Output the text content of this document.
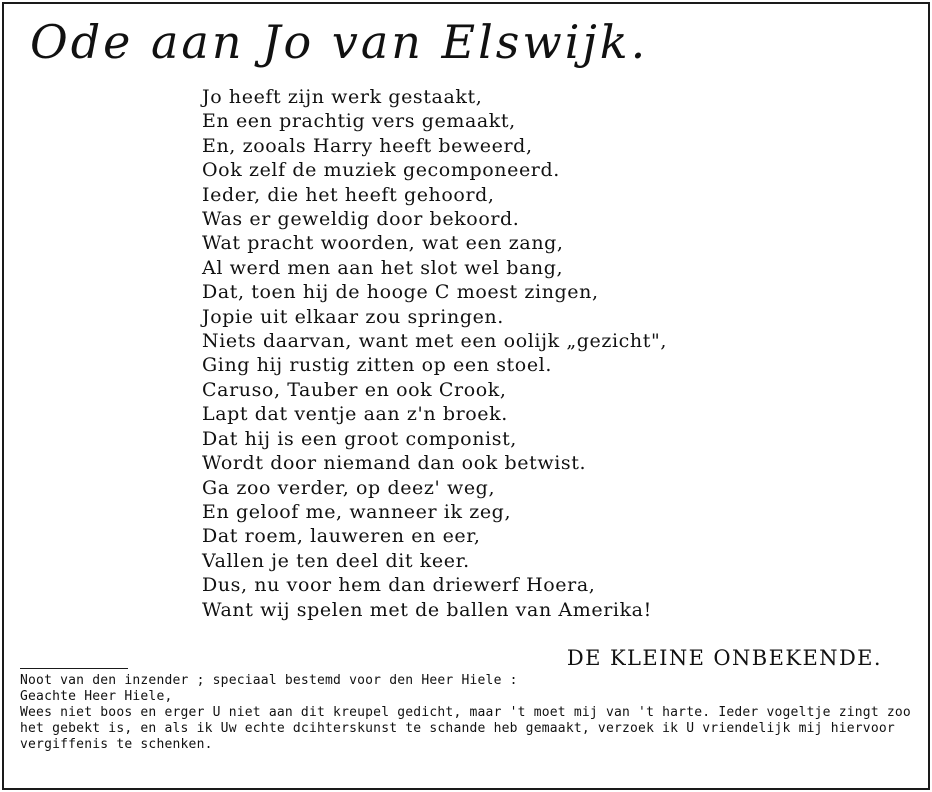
Ode aan Jo van Elswijk.
Jo heeft zijn werk gestaakt,
En een prachtig vers gemaakt,
En, zooals Harry heeft beweerd,
Ook zelf de muziek gecomponeerd.
Ieder, die het heeft gehoord,
Was er geweldig door bekoord.
Wat pracht woorden, wat een zang,
Al werd men aan het slot wel bang,
Dat, toen hij de hooge C moest zingen,
Jopie uit elkaar zou springen.
Niets daarvan, want met een oolijk „gezicht",
Ging hij rustig zitten op een stoel.
Caruso, Tauber en ook Crook,
Lapt dat ventje aan z'n broek.
Dat hij is een groot componist,
Wordt door niemand dan ook betwist.
Ga zoo verder, op deez' weg,
En geloof me, wanneer ik zeg,
Dat roem, lauweren en eer,
Vallen je ten deel dit keer.
Dus, nu voor hem dan driewerf Hoera,
Want wij spelen met de ballen van Amerika!
DE KLEINE ONBEKENDE.
Noot van den inzender ; speciaal bestemd voor den Heer Hiele :
Geachte Heer Hiele,
Wees niet boos en erger U niet aan dit kreupel gedicht, maar 't moet mij van 't harte. Ieder vogeltje zingt zoo het gebekt is, en als ik Uw echte dcihterskunst te schande heb gemaakt, verzoek ik U vriendelijk mij hiervoor vergiffenis te schenken.
